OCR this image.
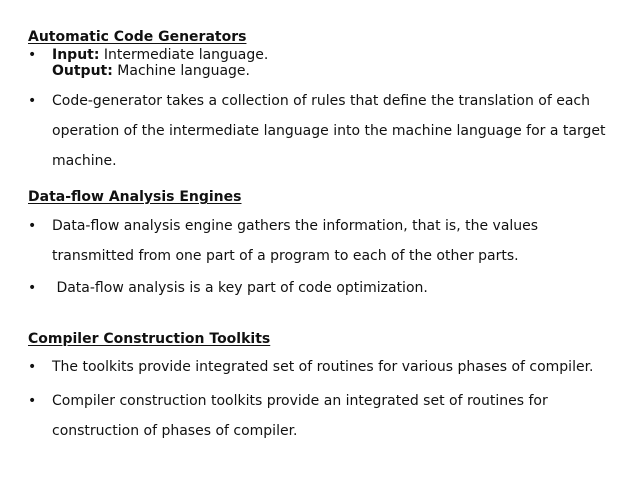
Automatic Code Generators
•	Input: Intermediate language.
Output: Machine language.
•	Code-generator takes a collection of rules that define the translation of each operation of the intermediate language into the machine language for a target machine.
Data-flow Analysis Engines
•	Data-flow analysis engine gathers the information, that is, the values transmitted from one part of a program to each of the other parts.
•	Data-flow analysis is a key part of code optimization.
Compiler Construction Toolkits
•	The toolkits provide integrated set of routines for various phases of compiler.
•	Compiler construction toolkits provide an integrated set of routines for construction of phases of compiler.
